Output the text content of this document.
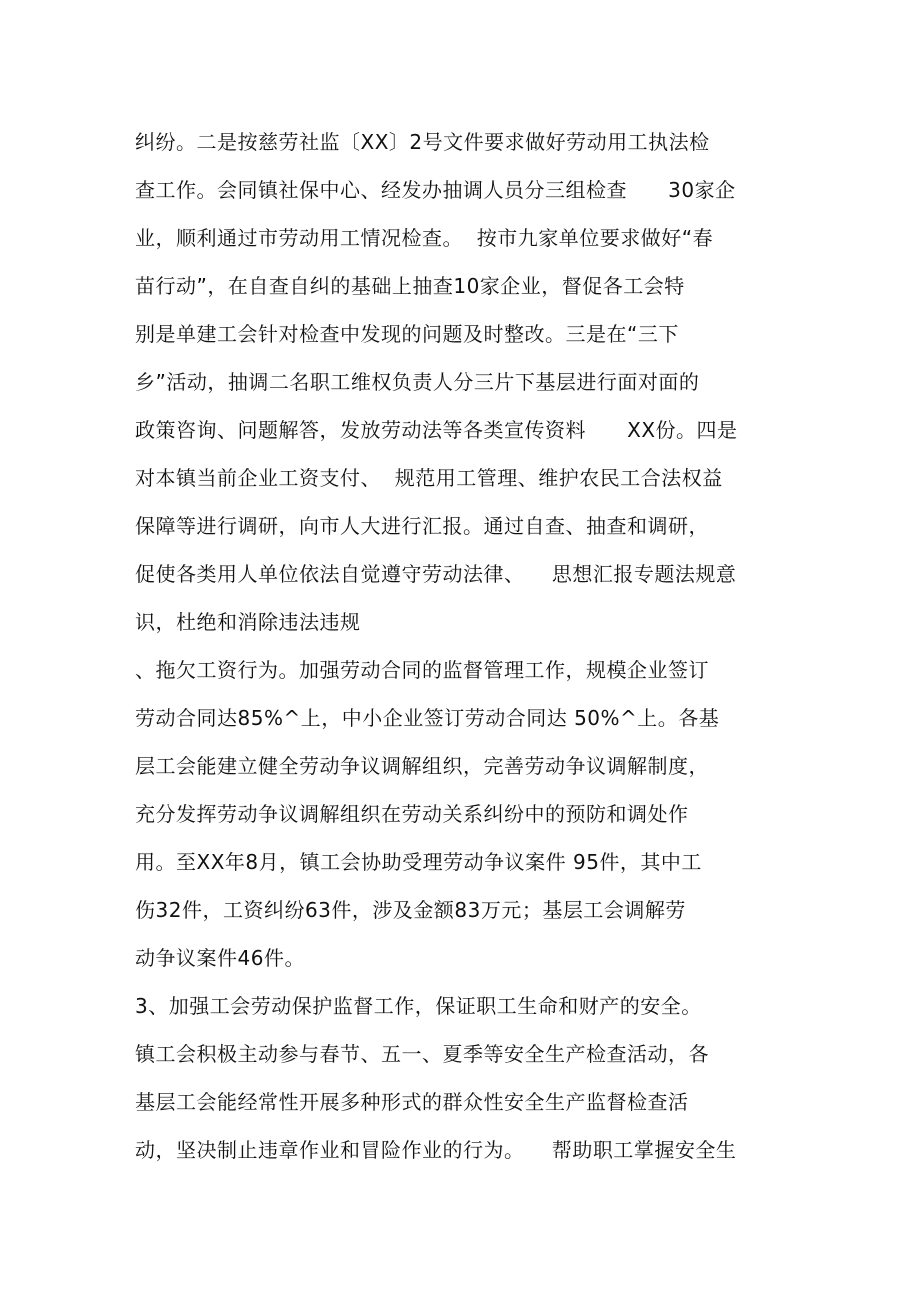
纠纷。二是按慈劳社监〔XX〕2号文件要求做好劳动用工执法检
查工作。会同镇社保中心、经发办抽调人员分三组检查      30家企
业，顺利通过市劳动用工情况检查。  按市九家单位要求做好“春
苗行动”，在自查自纠的基础上抽查10家企业，督促各工会特
别是单建工会针对检查中发现的问题及时整改。三是在“三下
乡”活动，抽调二名职工维权负责人分三片下基层进行面对面的
政策咨询、问题解答，发放劳动法等各类宣传资料      XX份。四是
对本镇当前企业工资支付、  规范用工管理、维护农民工合法权益
保障等进行调研，向市人大进行汇报。通过自查、抽查和调研，
促使各类用人单位依法自觉遵守劳动法律、    思想汇报专题法规意
识，杜绝和消除违法违规
、拖欠工资行为。加强劳动合同的监督管理工作，规模企业签订
劳动合同达85%^上，中小企业签订劳动合同达 50%^上。各基
层工会能建立健全劳动争议调解组织，完善劳动争议调解制度，
充分发挥劳动争议调解组织在劳动关系纠纷中的预防和调处作
用。至XX年8月，镇工会协助受理劳动争议案件 95件，其中工
伤32件，工资纠纷63件，涉及金额83万元；基层工会调解劳
动争议案件46件。
3、加强工会劳动保护监督工作，保证职工生命和财产的安全。
镇工会积极主动参与春节、五一、夏季等安全生产检查活动，各
基层工会能经常性开展多种形式的群众性安全生产监督检查活
动，坚决制止违章作业和冒险作业的行为。    帮助职工掌握安全生
